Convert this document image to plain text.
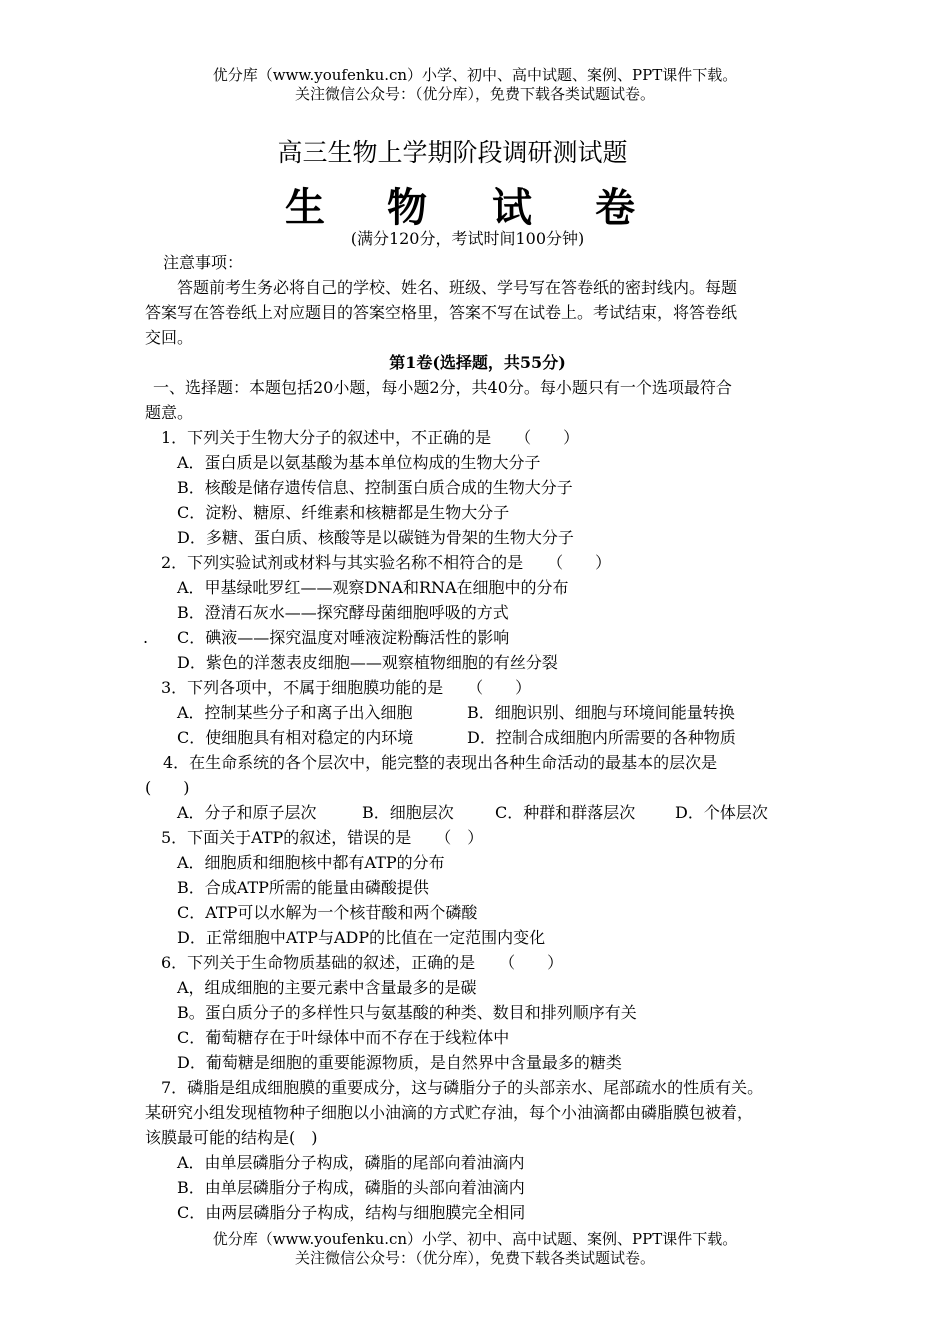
优分库（www.youfenku.cn）小学、初中、高中试题、案例、PPT课件下载。
关注微信公众号：（优分库），免费下载各类试题试卷。
高三生物上学期阶段调研测试题
生 物 试 卷
(满分120分，考试时间100分钟)
注意事项：
答题前考生务必将自己的学校、姓名、班级、学号写在答卷纸的密封线内。每题
答案写在答卷纸上对应题目的答案空格里，答案不写在试卷上。考试结束，将答卷纸
交回。
第1卷(选择题，共55分)
一、选择题：本题包括20小题，每小题2分，共40分。每小题只有一个选项最符合
题意。
1．下列关于生物大分子的叙述中，不正确的是　　（　　）
A．蛋白质是以氨基酸为基本单位构成的生物大分子
B．核酸是储存遗传信息、控制蛋白质合成的生物大分子
C．淀粉、糖原、纤维素和核糖都是生物大分子
D．多糖、蛋白质、核酸等是以碳链为骨架的生物大分子
2．下列实验试剂或材料与其实验名称不相符合的是　　（　　）
A．甲基绿吡罗红——观察DNA和RNA在细胞中的分布
B．澄清石灰水——探究酵母菌细胞呼吸的方式
. C．碘液——探究温度对唾液淀粉酶活性的影响
D．紫色的洋葱表皮细胞——观察植物细胞的有丝分裂
3．下列各项中，不属于细胞膜功能的是　　（　　）
A．控制某些分子和离子出入细胞	B．细胞识别、细胞与环境间能量转换
C．使细胞具有相对稳定的内环境	D．控制合成细胞内所需要的各种物质
4．在生命系统的各个层次中，能完整的表现出各种生命活动的最基本的层次是
(　　)
A．分子和原子层次	B．细胞层次	C．种群和群落层次	D．个体层次
5．下面关于ATP的叙述，错误的是　　（　）
A．细胞质和细胞核中都有ATP的分布
B．合成ATP所需的能量由磷酸提供
C．ATP可以水解为一个核苷酸和两个磷酸
D．正常细胞中ATP与ADP的比值在一定范围内变化
6．下列关于生命物质基础的叙述，正确的是　　（　　）
A，组成细胞的主要元素中含量最多的是碳
B。蛋白质分子的多样性只与氨基酸的种类、数目和排列顺序有关
C．葡萄糖存在于叶绿体中而不存在于线粒体中
D．葡萄糖是细胞的重要能源物质，是自然界中含量最多的糖类
7．磷脂是组成细胞膜的重要成分，这与磷脂分子的头部亲水、尾部疏水的性质有关。
某研究小组发现植物种子细胞以小油滴的方式贮存油，每个小油滴都由磷脂膜包被着，
该膜最可能的结构是(　)
A．由单层磷脂分子构成，磷脂的尾部向着油滴内
B．由单层磷脂分子构成，磷脂的头部向着油滴内
C．由两层磷脂分子构成，结构与细胞膜完全相同
优分库（www.youfenku.cn）小学、初中、高中试题、案例、PPT课件下载。
关注微信公众号：（优分库），免费下载各类试题试卷。
